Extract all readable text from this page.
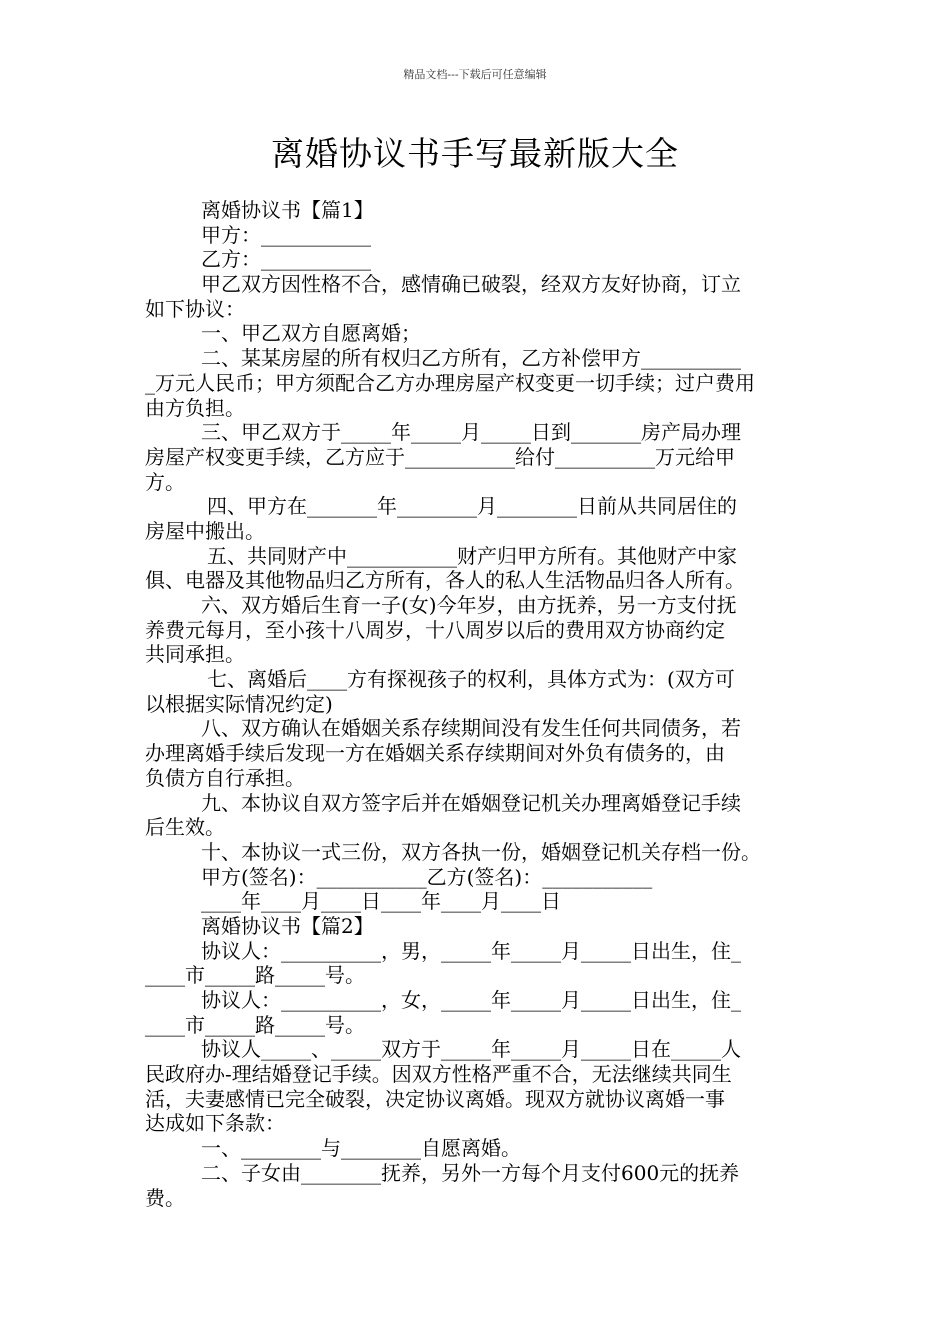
精品文档---下载后可任意编辑
离婚协议书手写最新版大全
离婚协议书【篇1】
甲方：___________
乙方：___________
甲乙双方因性格不合，感情确已破裂，经双方友好协商，订立
如下协议：
一、甲乙双方自愿离婚；
二、某某房屋的所有权归乙方所有，乙方补偿甲方__________
_万元人民币；甲方须配合乙方办理房屋产权变更一切手续；过户费用
由方负担。
三、甲乙双方于_____年_____月_____日到_______房产局办理
房屋产权变更手续，乙方应于___________给付__________万元给甲
方。
四、甲方在_______年________月________日前从共同居住的
房屋中搬出。
五、共同财产中___________财产归甲方所有。其他财产中家
俱、电器及其他物品归乙方所有，各人的私人生活物品归各人所有。
六、双方婚后生育一子(女)今年岁，由方抚养，另一方支付抚
养费元每月，至小孩十八周岁，十八周岁以后的费用双方协商约定
共同承担。
七、离婚后____方有探视孩子的权利，具体方式为：(双方可
以根据实际情况约定)
八、双方确认在婚姻关系存续期间没有发生任何共同债务，若
办理离婚手续后发现一方在婚姻关系存续期间对外负有债务的，由
负债方自行承担。
九、本协议自双方签字后并在婚姻登记机关办理离婚登记手续
后生效。
十、本协议一式三份，双方各执一份，婚姻登记机关存档一份。
甲方(签名)：___________乙方(签名)：___________
____年____月____日____年____月____日
离婚协议书【篇2】
协议人：__________，男，_____年_____月_____日出生，住_
____市_____路_____号。
协议人：__________，女，_____年_____月_____日出生，住_
____市_____路_____号。
协议人_____、_____双方于_____年_____月_____日在_____人
民政府办-理结婚登记手续。因双方性格严重不合，无法继续共同生
活，夫妻感情已完全破裂，决定协议离婚。现双方就协议离婚一事
达成如下条款：
一、________与________自愿离婚。
二、子女由________抚养，另外一方每个月支付600元的抚养
费。
